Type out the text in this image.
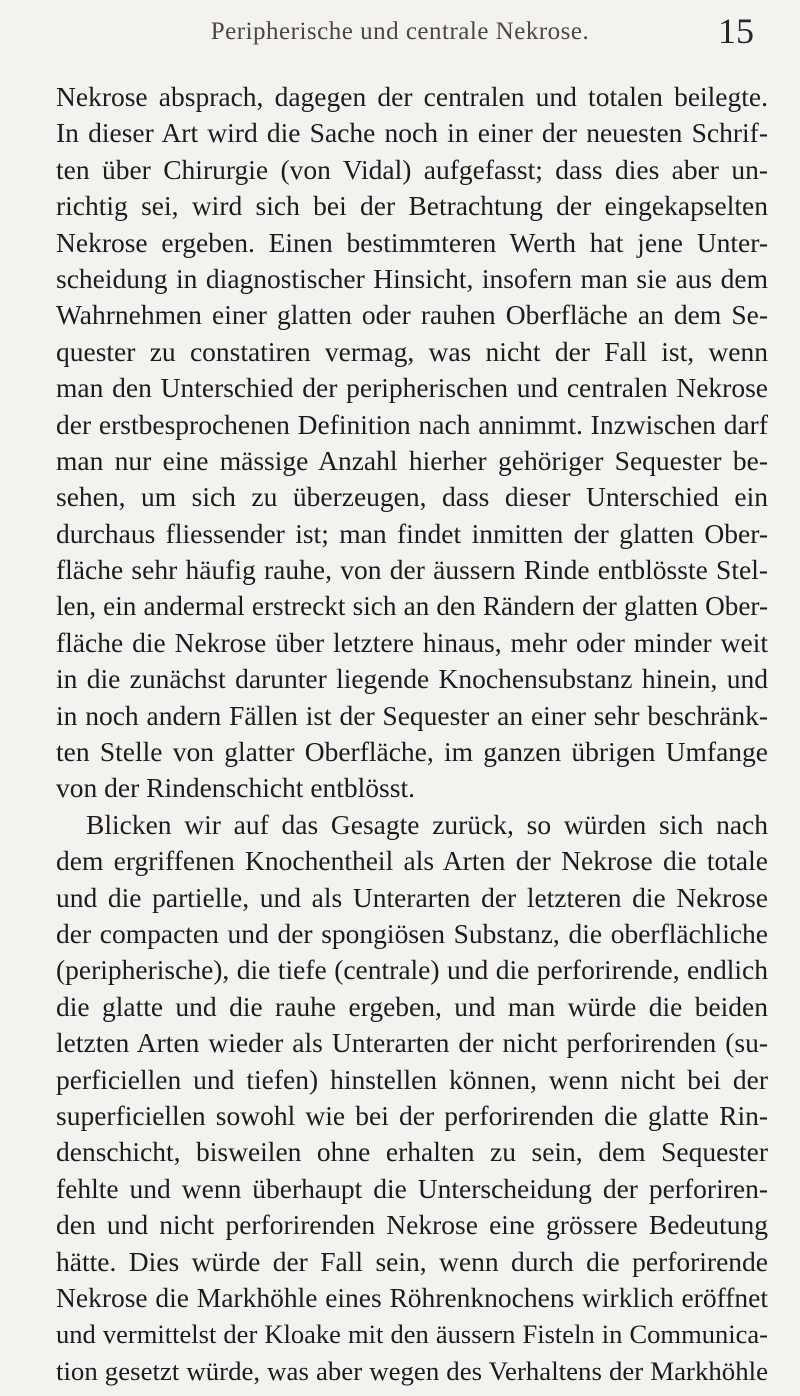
Peripherische und centrale Nekrose.	15
Nekrose absprach, dagegen der centralen und totalen beilegte.
In dieser Art wird die Sache noch in einer der neuesten Schrif-
ten über Chirurgie (von Vidal) aufgefasst; dass dies aber un-
richtig sei, wird sich bei der Betrachtung der eingekapselten
Nekrose ergeben. Einen bestimmteren Werth hat jene Unter-
scheidung in diagnostischer Hinsicht, insofern man sie aus dem
Wahrnehmen einer glatten oder rauhen Oberfläche an dem Se-
quester zu constatiren vermag, was nicht der Fall ist, wenn
man den Unterschied der peripherischen und centralen Nekrose
der erstbesprochenen Definition nach annimmt. Inzwischen darf
man nur eine mässige Anzahl hierher gehöriger Sequester be-
sehen, um sich zu überzeugen, dass dieser Unterschied ein
durchaus fliessender ist; man findet inmitten der glatten Ober-
fläche sehr häufig rauhe, von der äussern Rinde entblösste Stel-
len, ein andermal erstreckt sich an den Rändern der glatten Ober-
fläche die Nekrose über letztere hinaus, mehr oder minder weit
in die zunächst darunter liegende Knochensubstanz hinein, und
in noch andern Fällen ist der Sequester an einer sehr beschränk-
ten Stelle von glatter Oberfläche, im ganzen übrigen Umfange
von der Rindenschicht entblösst.
Blicken wir auf das Gesagte zurück, so würden sich nach
dem ergriffenen Knochentheil als Arten der Nekrose die totale
und die partielle, und als Unterarten der letzteren die Nekrose
der compacten und der spongiösen Substanz, die oberflächliche
(peripherische), die tiefe (centrale) und die perforirende, endlich
die glatte und die rauhe ergeben, und man würde die beiden
letzten Arten wieder als Unterarten der nicht perforirenden (su-
perficiellen und tiefen) hinstellen können, wenn nicht bei der
superficiellen sowohl wie bei der perforirenden die glatte Rin-
denschicht, bisweilen ohne erhalten zu sein, dem Sequester
fehlte und wenn überhaupt die Unterscheidung der perforiren-
den und nicht perforirenden Nekrose eine grössere Bedeutung
hätte. Dies würde der Fall sein, wenn durch die perforirende
Nekrose die Markhöhle eines Röhrenknochens wirklich eröffnet
und vermittelst der Kloake mit den äussern Fisteln in Communica-
tion gesetzt würde, was aber wegen des Verhaltens der Markhöhle
